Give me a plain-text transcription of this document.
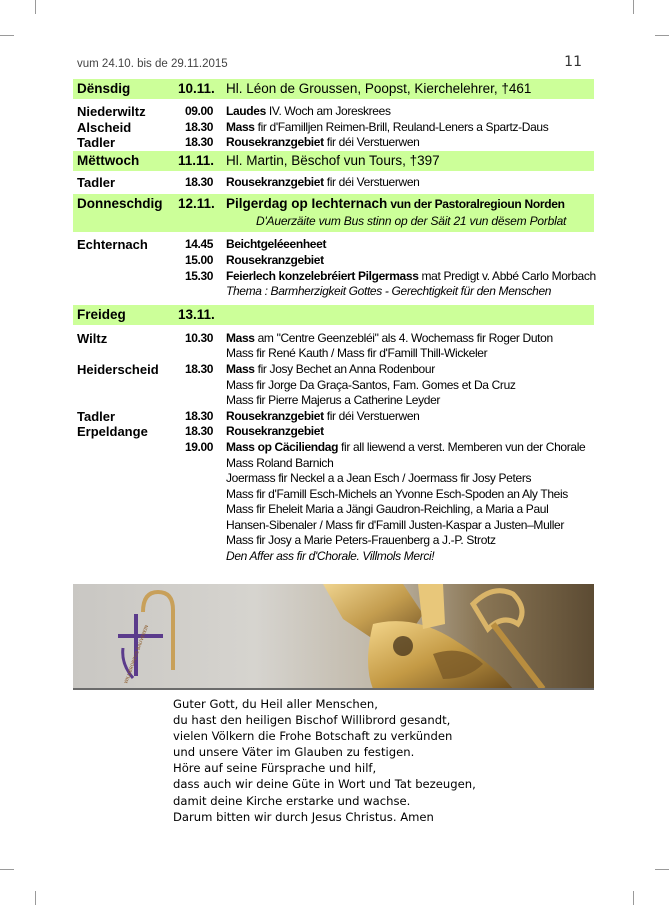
vum 24.10. bis de 29.11.2015	11
Dënsdig	10.11. Hl. Léon de Groussen, Poopst, Kierchelehrer, †461
Niederwiltz	09.00 Laudes IV. Woch am Joreskrees
Alscheid	18.30 Mass fir d'Familljen Reimen-Brill, Reuland-Leners a Spartz-Daus
Tadler	18.30 Rousekranzgebiet fir déi Verstuerwen
Mëttwoch	11.11. Hl. Martin, Bëschof vun Tours, †397
Tadler	18.30 Rousekranzgebiet fir déi Verstuerwen
Donneschdig 12.11. Pilgerdag op Iechternach vun der Pastoralregioun Norden
D'Auerzäite vum Bus stinn op der Säit 21 vun dësem Porblat
Echternach	14.45 Beichtgeléeenheet
15.00 Rousekranzgebiet
15.30 Feierlech konzelebréiert Pilgermass mat Predigt v. Abbé Carlo Morbach
Thema : Barmherzigkeit Gottes - Gerechtigkeit für den Menschen
Freideg	13.11.
Wiltz	10.30 Mass am "Centre Geenzebléi" als 4. Wochemass fir Roger Duton
Mass fir René Kauth / Mass fir d'Famill Thill-Wickeler
Heiderscheid 18.30 Mass fir Josy Bechet an Anna Rodenbour
Mass fir Jorge Da Graça-Santos, Fam. Gomes et Da Cruz
Mass fir Pierre Majerus a Catherine Leyder
Tadler	18.30 Rousekranzgebiet fir déi Verstuerwen
Erpeldange	18.30 Rousekranzgebiet
19.00 Mass op Cäciliendag fir all liewend a verst. Memberen vun der Chorale
Mass Roland Barnich
Joermass fir Neckel a a Jean Esch / Joermass fir Josy Peters
Mass fir d'Famill Esch-Michels an Yvonne Esch-Spoden an Aly Theis
Mass fir Eheleit Maria a Jängi Gaudron-Reichling, a Maria a Paul
Hansen-Sibenaler / Mass fir d'Famill Justen-Kaspar a Justen–Muller
Mass fir Josy a Marie Peters-Frauenberg a J.-P. Strotz
Den Affer ass fir d'Chorale. Villmols Merci!
WILLIBRORDUS BAUVEREIN
Guter Gott, du Heil aller Menschen,
du hast den heiligen Bischof Willibrord gesandt,
vielen Völkern die Frohe Botschaft zu verkünden
und unsere Väter im Glauben zu festigen.
Höre auf seine Fürsprache und hilf,
dass auch wir deine Güte in Wort und Tat bezeugen,
damit deine Kirche erstarke und wachse.
Darum bitten wir durch Jesus Christus. Amen
